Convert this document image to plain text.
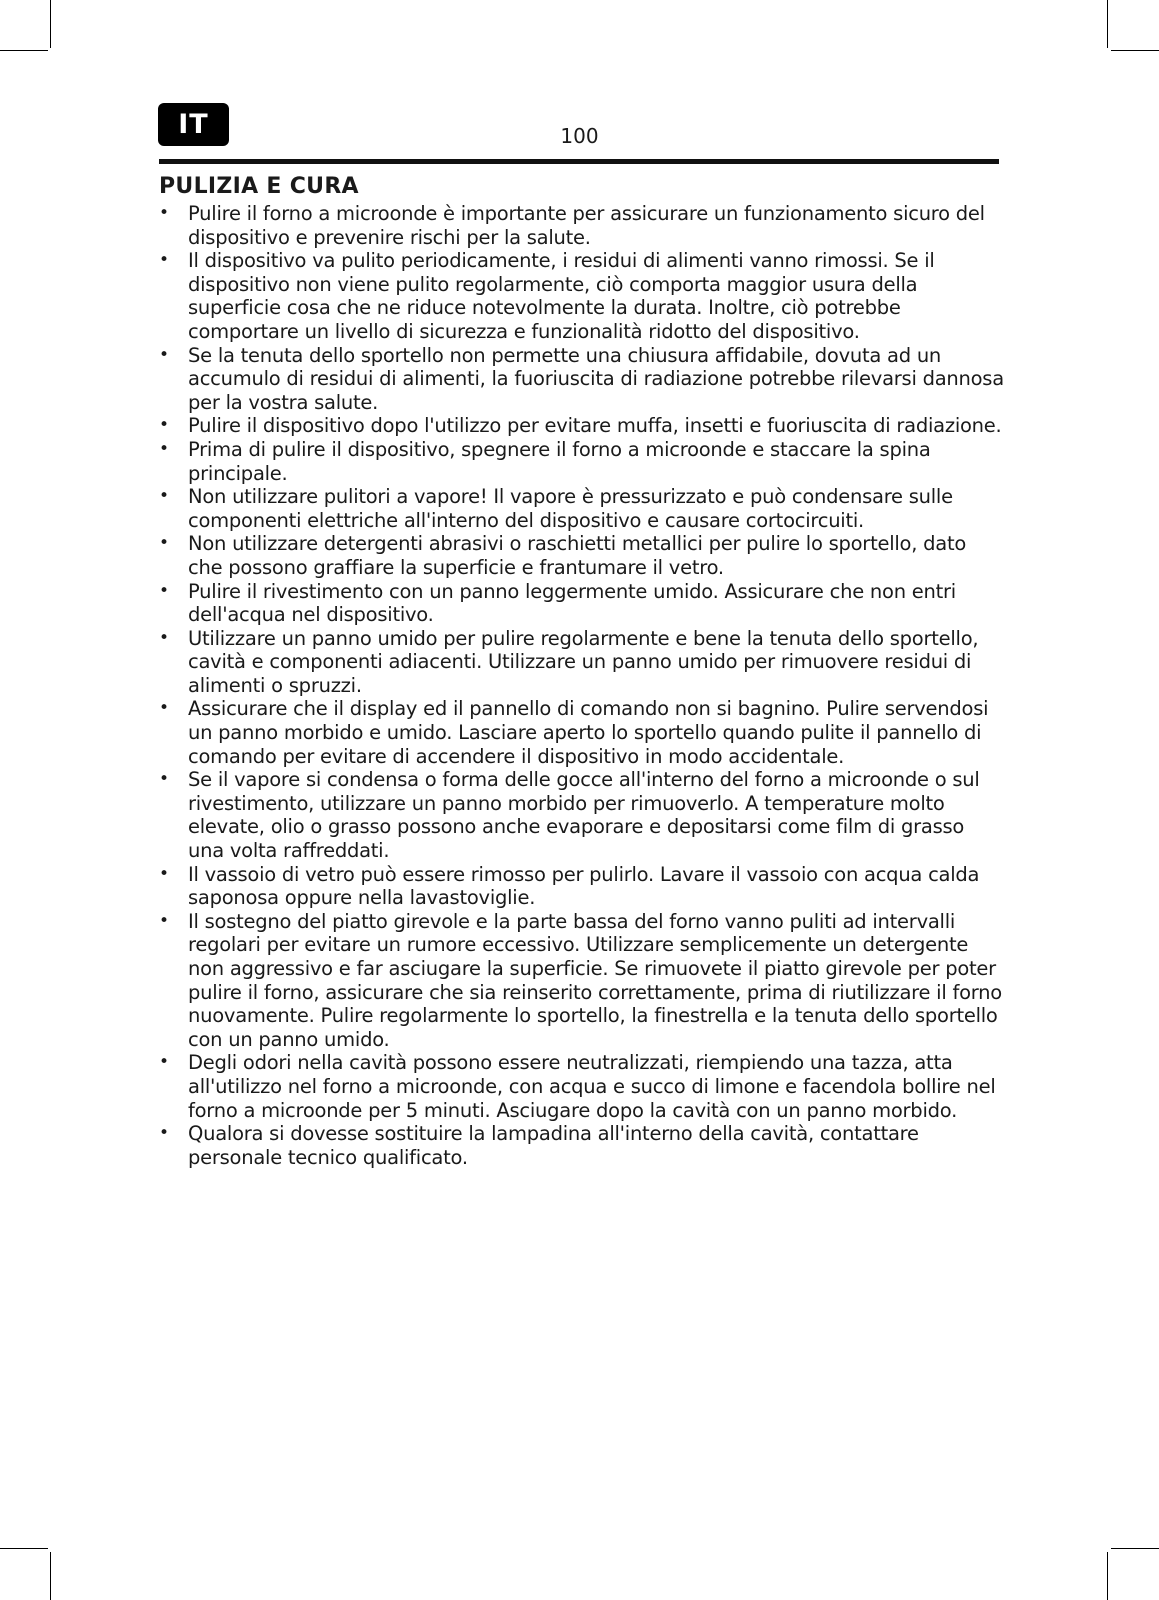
IT	100
PULIZIA E CURA
• Pulire il forno a microonde è importante per assicurare un funzionamento sicuro del dispositivo e prevenire rischi per la salute.
• Il dispositivo va pulito periodicamente, i residui di alimenti vanno rimossi. Se il dispositivo non viene pulito regolarmente, ciò comporta maggior usura della superficie cosa che ne riduce notevolmente la durata. Inoltre, ciò potrebbe comportare un livello di sicurezza e funzionalità ridotto del dispositivo.
• Se la tenuta dello sportello non permette una chiusura affidabile, dovuta ad un accumulo di residui di alimenti, la fuoriuscita di radiazione potrebbe rilevarsi dannosa per la vostra salute.
• Pulire il dispositivo dopo l'utilizzo per evitare muffa, insetti e fuoriuscita di radiazione.
• Prima di pulire il dispositivo, spegnere il forno a microonde e staccare la spina principale.
• Non utilizzare pulitori a vapore! Il vapore è pressurizzato e può condensare sulle componenti elettriche all'interno del dispositivo e causare cortocircuiti.
• Non utilizzare detergenti abrasivi o raschietti metallici per pulire lo sportello, dato che possono graffiare la superficie e frantumare il vetro.
• Pulire il rivestimento con un panno leggermente umido. Assicurare che non entri dell'acqua nel dispositivo.
• Utilizzare un panno umido per pulire regolarmente e bene la tenuta dello sportello, cavità e componenti adiacenti. Utilizzare un panno umido per rimuovere residui di alimenti o spruzzi.
• Assicurare che il display ed il pannello di comando non si bagnino. Pulire servendosi un panno morbido e umido. Lasciare aperto lo sportello quando pulite il pannello di comando per evitare di accendere il dispositivo in modo accidentale.
• Se il vapore si condensa o forma delle gocce all'interno del forno a microonde o sul rivestimento, utilizzare un panno morbido per rimuoverlo. A temperature molto elevate, olio o grasso possono anche evaporare e depositarsi come film di grasso una volta raffreddati.
• Il vassoio di vetro può essere rimosso per pulirlo. Lavare il vassoio con acqua calda saponosa oppure nella lavastoviglie.
• Il sostegno del piatto girevole e la parte bassa del forno vanno puliti ad intervalli regolari per evitare un rumore eccessivo. Utilizzare semplicemente un detergente non aggressivo e far asciugare la superficie. Se rimuovete il piatto girevole per poter pulire il forno, assicurare che sia reinserito correttamente, prima di riutilizzare il forno nuovamente. Pulire regolarmente lo sportello, la finestrella e la tenuta dello sportello con un panno umido.
• Degli odori nella cavità possono essere neutralizzati, riempiendo una tazza, atta all'utilizzo nel forno a microonde, con acqua e succo di limone e facendola bollire nel forno a microonde per 5 minuti. Asciugare dopo la cavità con un panno morbido.
• Qualora si dovesse sostituire la lampadina all'interno della cavità, contattare personale tecnico qualificato.
